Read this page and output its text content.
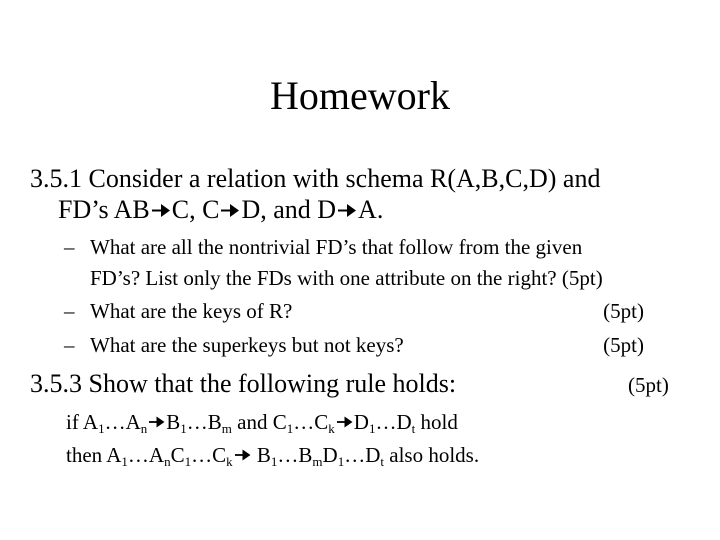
Homework
3.5.1 Consider a relation with schema R(A,B,C,D) and
FD’s AB C, C D, and D A.
– What are all the nontrivial FD’s that follow from the given
FD’s? List only the FDs with one attribute on the right? (5pt)
– What are the keys of R?	(5pt)
– What are the superkeys but not keys?	(5pt)
3.5.3 Show that the following rule holds:	(5pt)
if $A_1\dots A_n$ $B_1\dots B_m$ and $C_1\dots C_k$ $D_1\dots D_t$ hold
then $A_1\dots A_nC_1\dots C_k$ $B_1\dots B_mD_1\dots D_t$ also holds.
